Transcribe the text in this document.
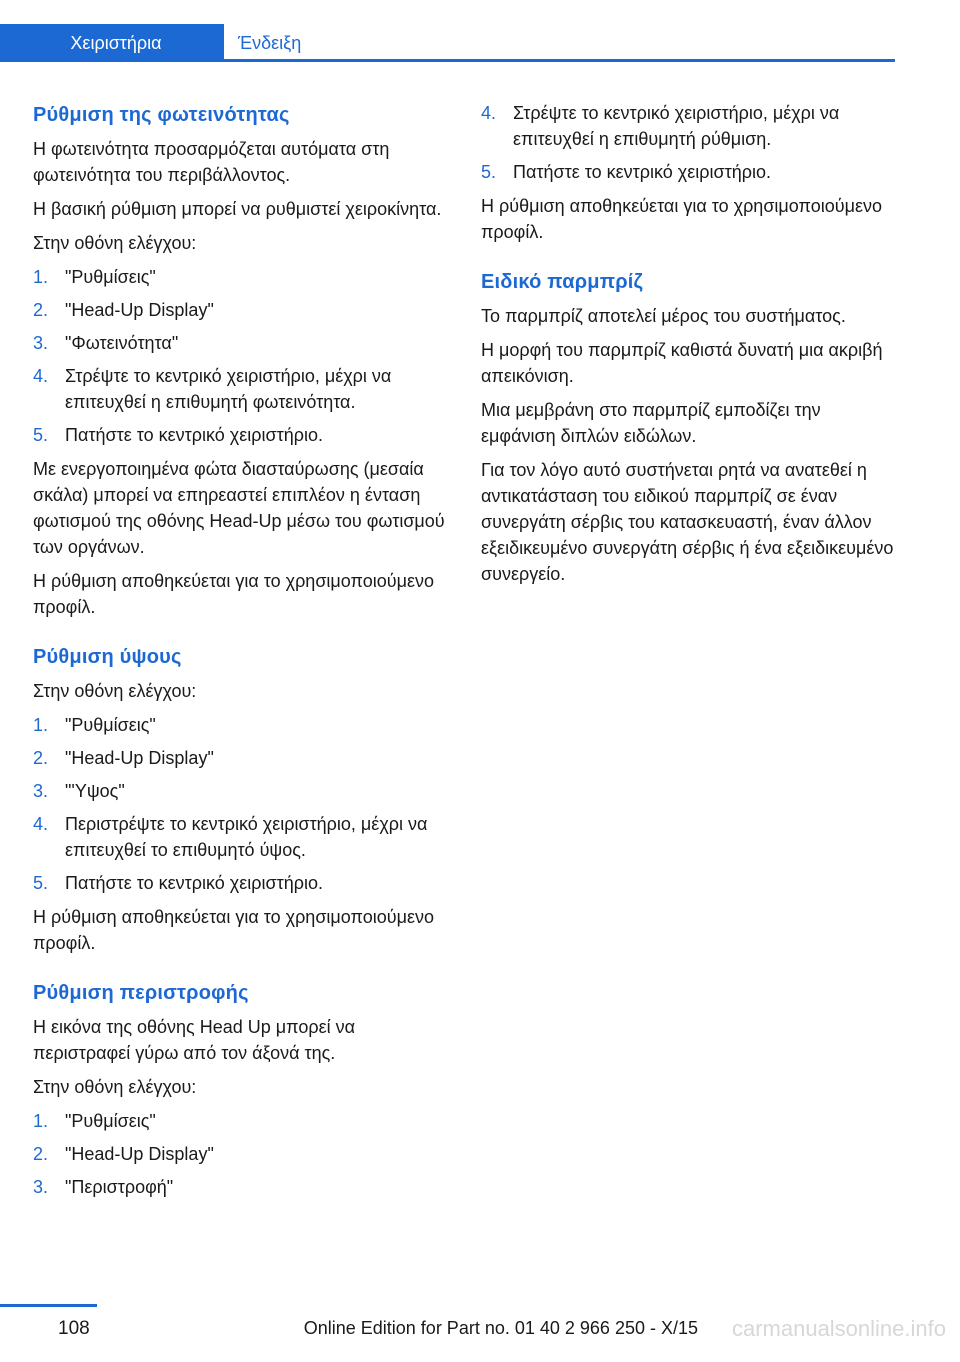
Χειριστήρια	Ένδειξη
Ρύθμιση της φωτεινότητας

Η φωτεινότητα προσαρμόζεται αυτόματα στη φωτεινότητα του περιβάλλοντος.

Η βασική ρύθμιση μπορεί να ρυθμιστεί χειροκίνητα.

Στην οθόνη ελέγχου:

1. "Ρυθμίσεις"
2. "Head-Up Display"
3. "Φωτεινότητα"
4. Στρέψτε το κεντρικό χειριστήριο, μέχρι να επιτευχθεί η επιθυμητή φωτεινότητα.
5. Πατήστε το κεντρικό χειριστήριο.

Με ενεργοποιημένα φώτα διασταύρωσης (μεσαία σκάλα) μπορεί να επηρεαστεί επιπλέον η ένταση φωτισμού της οθόνης Head-Up μέσω του φωτισμού των οργάνων.

Η ρύθμιση αποθηκεύεται για το χρησιμοποιούμενο προφίλ.

Ρύθμιση ύψους

Στην οθόνη ελέγχου:

1. "Ρυθμίσεις"
2. "Head-Up Display"
3. "'Υψος"
4. Περιστρέψτε το κεντρικό χειριστήριο, μέχρι να επιτευχθεί το επιθυμητό ύψος.
5. Πατήστε το κεντρικό χειριστήριο.

Η ρύθμιση αποθηκεύεται για το χρησιμοποιούμενο προφίλ.

Ρύθμιση περιστροφής

Η εικόνα της οθόνης Head Up μπορεί να περιστραφεί γύρω από τον άξονά της.

Στην οθόνη ελέγχου:

1. "Ρυθμίσεις"
2. "Head-Up Display"
3. "Περιστροφή"
4. Στρέψτε το κεντρικό χειριστήριο, μέχρι να επιτευχθεί η επιθυμητή ρύθμιση.
5. Πατήστε το κεντρικό χειριστήριο.

Η ρύθμιση αποθηκεύεται για το χρησιμοποιούμενο προφίλ.

Ειδικό παρμπρίζ

Το παρμπρίζ αποτελεί μέρος του συστήματος.

Η μορφή του παρμπρίζ καθιστά δυνατή μια ακριβή απεικόνιση.

Μια μεμβράνη στο παρμπρίζ εμποδίζει την εμφάνιση διπλών ειδώλων.

Για τον λόγο αυτό συστήνεται ρητά να ανατεθεί η αντικατάσταση του ειδικού παρμπρίζ σε έναν συνεργάτη σέρβις του κατασκευαστή, έναν άλλον εξειδικευμένο συνεργάτη σέρβις ή ένα εξειδικευμένο συνεργείο.

108	Online Edition for Part no. 01 40 2 966 250 - X/15 carmanualsonline.info
